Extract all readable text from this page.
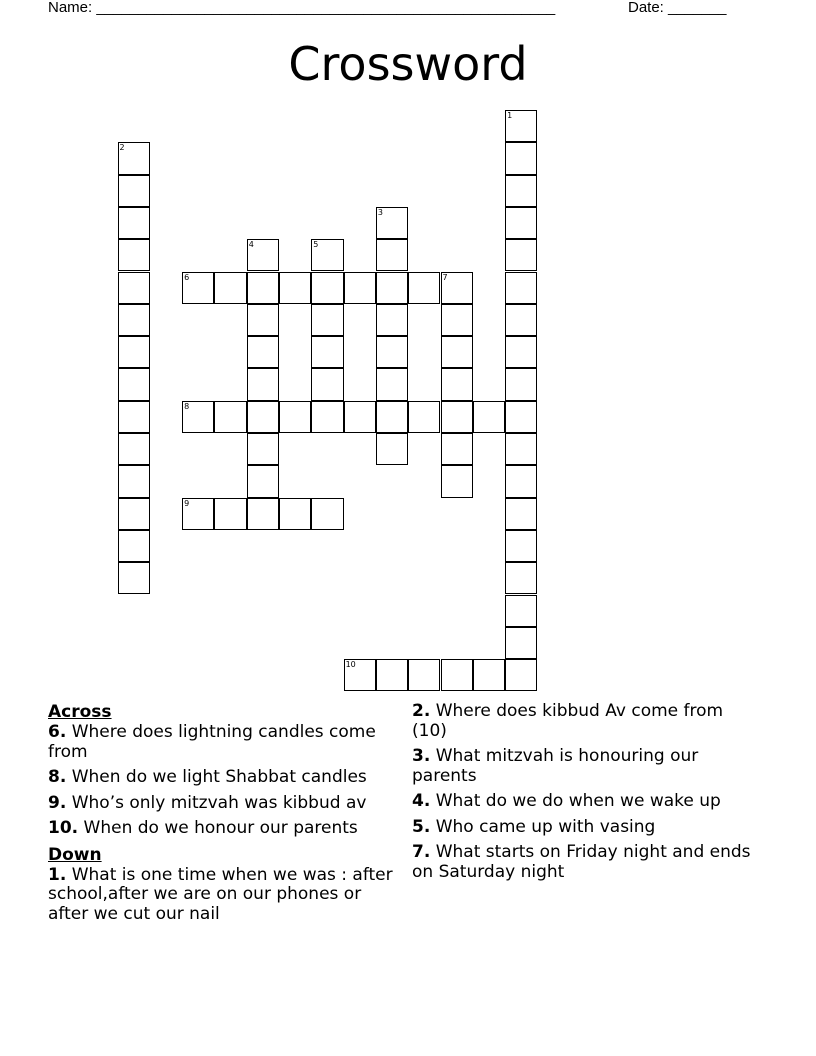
Name: _______________________________________________________	Date: _______
Crossword
1
2
3
4	5
6	7
8
9
10

Across

6. Where does lightning candles come from

8. When do we light Shabbat candles

9. Who’s only mitzvah was kibbud av

10. When do we honour our parents

Down

1. What is one time when we was : after school,after we are on our phones or after we cut our nail

2. Where does kibbud Av come from (10)

3. What mitzvah is honouring our parents

4. What do we do when we wake up

5. Who came up with vasing

7. What starts on Friday night and ends on Saturday night
